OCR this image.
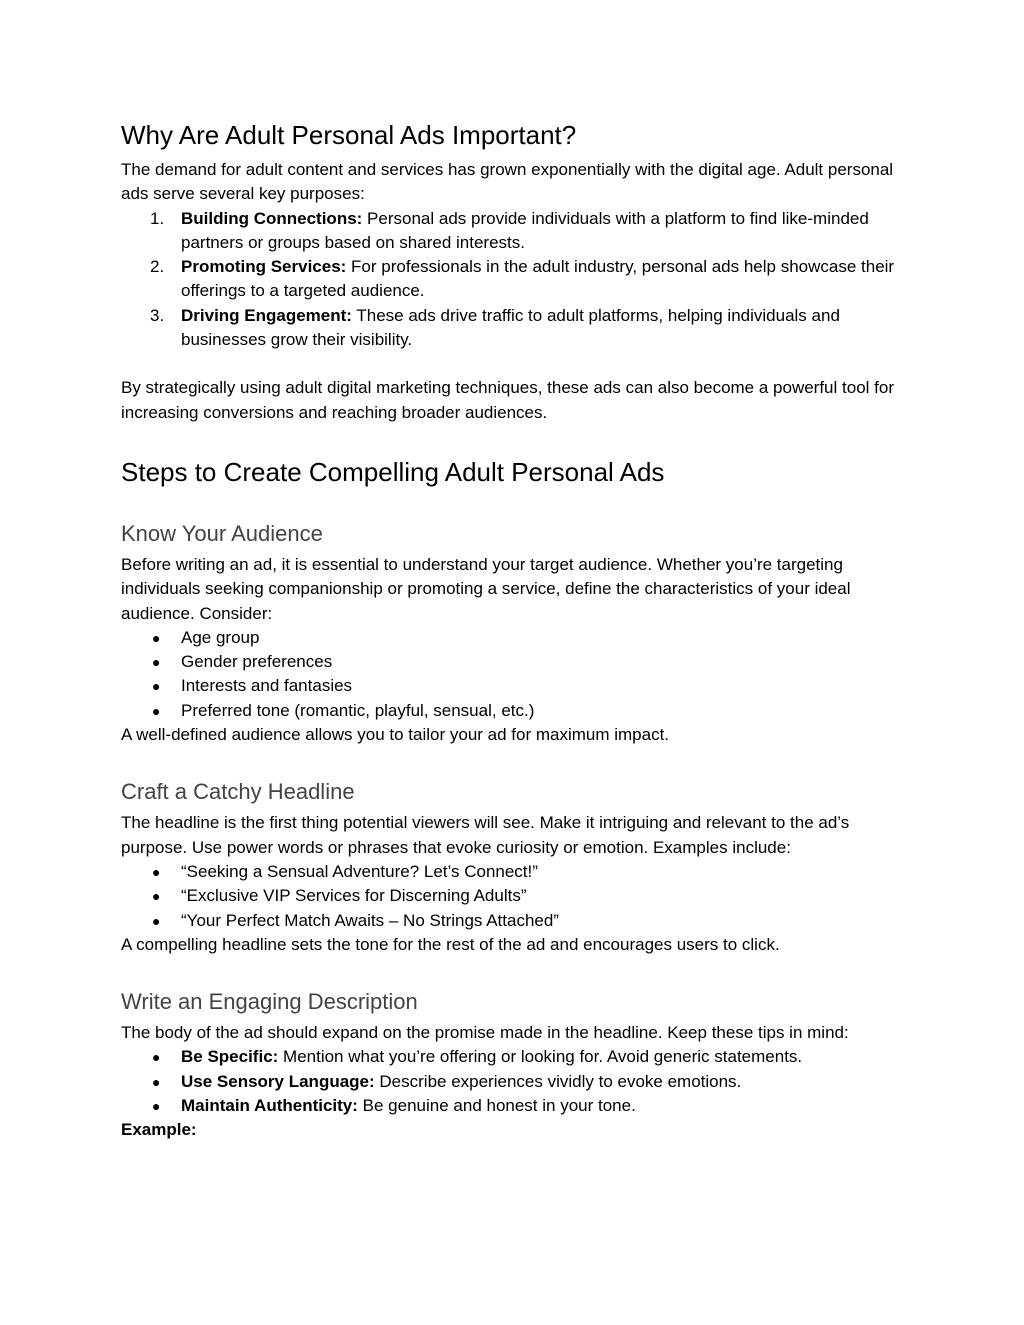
Why Are Adult Personal Ads Important?

The demand for adult content and services has grown exponentially with the digital age. Adult personal ads serve several key purposes:

1. Building Connections: Personal ads provide individuals with a platform to find like-minded partners or groups based on shared interests.
2. Promoting Services: For professionals in the adult industry, personal ads help showcase their offerings to a targeted audience.
3. Driving Engagement: These ads drive traffic to adult platforms, helping individuals and businesses grow their visibility.

By strategically using adult digital marketing techniques, these ads can also become a powerful tool for increasing conversions and reaching broader audiences.

Steps to Create Compelling Adult Personal Ads
Know Your Audience

Before writing an ad, it is essential to understand your target audience. Whether you’re targeting individuals seeking companionship or promoting a service, define the characteristics of your ideal audience. Consider:

● Age group
● Gender preferences
● Interests and fantasies
● Preferred tone (romantic, playful, sensual, etc.)

A well-defined audience allows you to tailor your ad for maximum impact.

Craft a Catchy Headline

The headline is the first thing potential viewers will see. Make it intriguing and relevant to the ad’s purpose. Use power words or phrases that evoke curiosity or emotion. Examples include:

● “Seeking a Sensual Adventure? Let’s Connect!”
● “Exclusive VIP Services for Discerning Adults”
● “Your Perfect Match Awaits – No Strings Attached”

A compelling headline sets the tone for the rest of the ad and encourages users to click.

Write an Engaging Description

The body of the ad should expand on the promise made in the headline. Keep these tips in mind:

● Be Specific: Mention what you’re offering or looking for. Avoid generic statements.
● Use Sensory Language: Describe experiences vividly to evoke emotions.
● Maintain Authenticity: Be genuine and honest in your tone.

Example:
